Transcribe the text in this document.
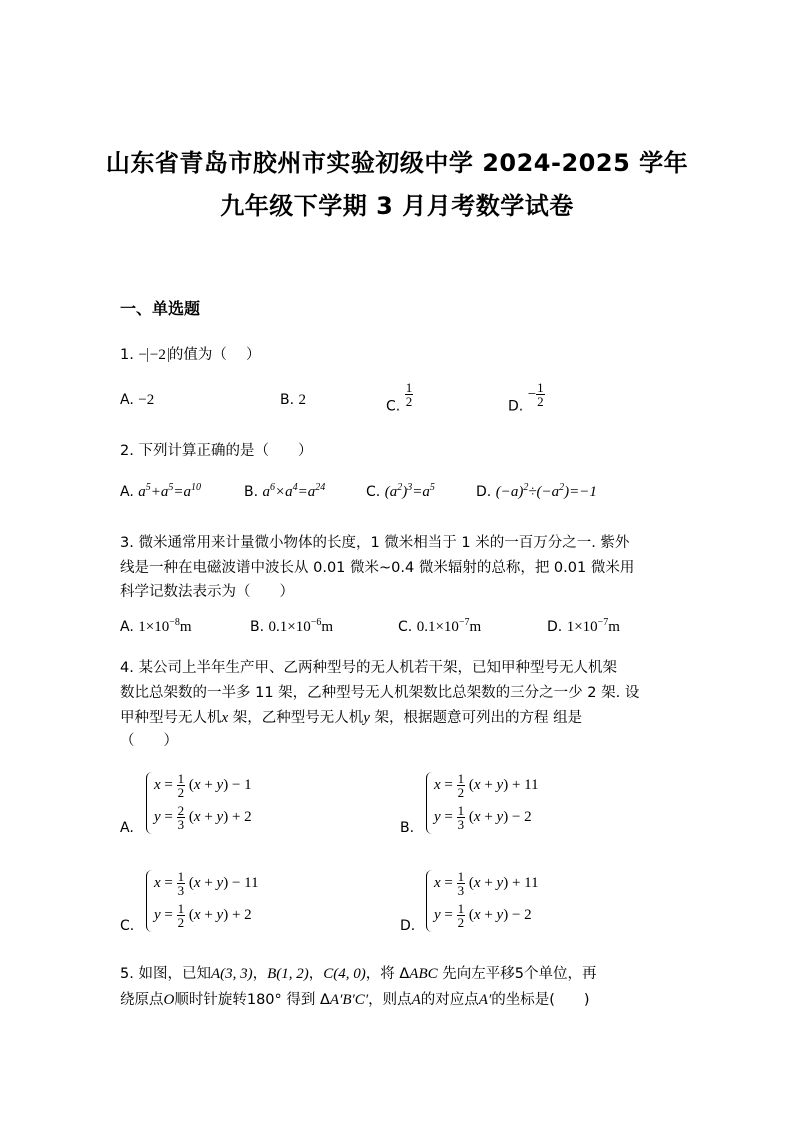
山东省青岛市胶州市实验初级中学 2024-2025 学年
九年级下学期 3 月月考数学试卷
一、单选题
1. − −2 的值为（　 ）
A. −2	B. 2	C. $\frac{1}{2}$	D. − $\frac{1}{2}$
2. 下列计算正确的是（　　）
A. $a^5+a^5=a^{10}$	B. $a^6\times a^4=a^{24}$	C. $(a^2)^3=a^5$	D. $(-a)^2\div(-a^2)=-1$
3. 微米通常用来计量微小物体的长度，1 微米相当于 1 米的一百万分之一. 紫外
线是一种在电磁波谱中波长从 0.01 微米~0.4 微米辐射的总称，把 0.01 微米用
科学记数法表示为（　　）
A. $1\times 10^{-8}m$	B. $0.1\times 10^{-6}m$	C. $0.1\times 10^{-7}m$	D. $1\times 10^{-7}m$
4. 某公司上半年生产甲、乙两种型号的无人机若干架，已知甲种型号无人机架
数比总架数的一半多 11 架，乙种型号无人机架数比总架数的三分之一少 2 架. 设
甲种型号无人机x 架，乙种型号无人机y 架，根据题意可列出的方程 组是
（　　）
A.
$x = \frac{1}{2} (x + y) - 1$
$y = \frac{2}{3} (x + y) + 2$
B.
$x = \frac{1}{2} (x + y) + 11$
$y = \frac{1}{3} (x + y) - 2$
C.
$x = \frac{1}{3} (x + y) - 11$
$y = \frac{1}{2} (x + y) + 2$
D.
$x = \frac{1}{3} (x + y) + 11$
$y = \frac{1}{2} (x + y) - 2$
5. 如图，已知A(3, 3)，B(1, 2)，C(4, 0)，将 ΔABC 先向左平移5个单位，再
绕原点O顺时针旋转180° 得到 ΔA′B′C′，则点A的对应点A′的坐标是(　　)
